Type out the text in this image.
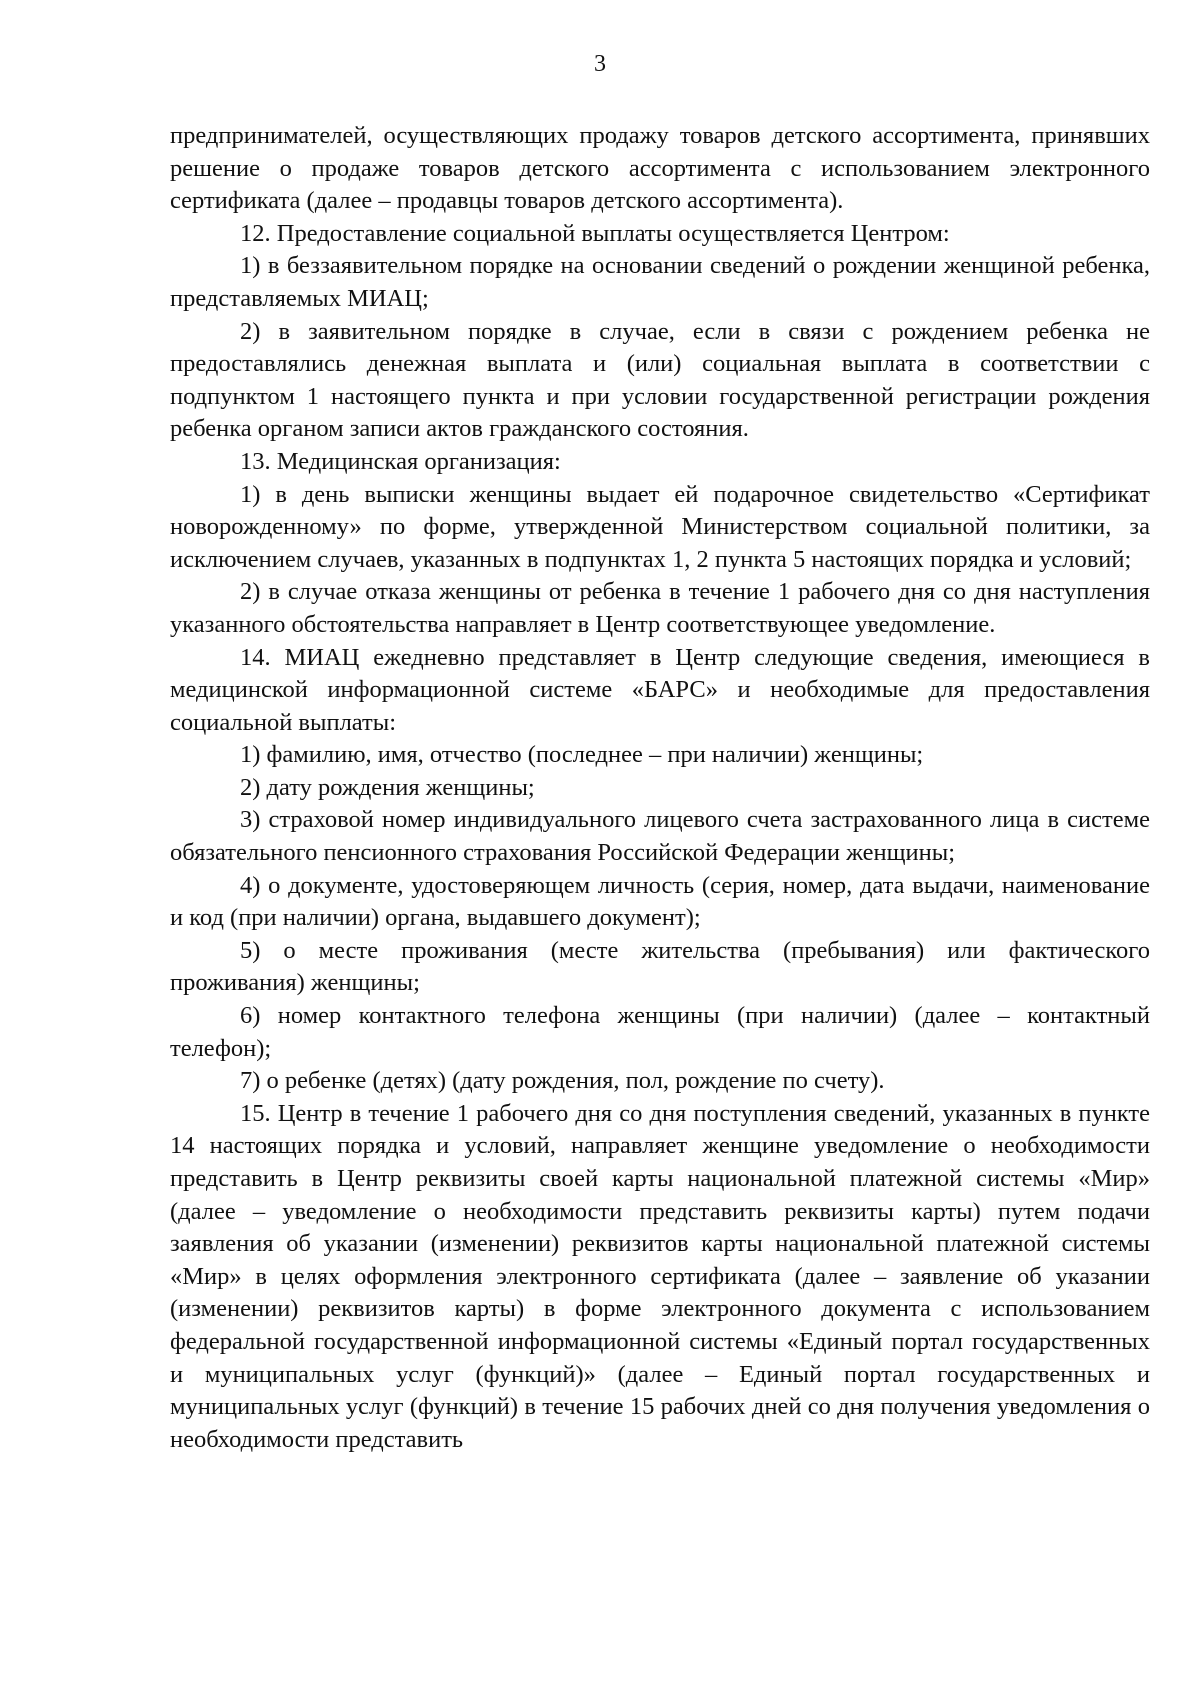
3

предпринимателей, осуществляющих продажу товаров детского ассортимента, принявших решение о продаже товаров детского ассортимента с использованием электронного сертификата (далее – продавцы товаров детского ассортимента).

12. Предоставление социальной выплаты осуществляется Центром:

1) в беззаявительном порядке на основании сведений о рождении женщиной ребенка, представляемых МИАЦ;

2) в заявительном порядке в случае, если в связи с рождением ребенка не предоставлялись денежная выплата и (или) социальная выплата в соответствии с подпунктом 1 настоящего пункта и при условии государственной регистрации рождения ребенка органом записи актов гражданского состояния.

13. Медицинская организация:

1) в день выписки женщины выдает ей подарочное свидетельство «Сертификат новорожденному» по форме, утвержденной Министерством социальной политики, за исключением случаев, указанных в подпунктах 1, 2 пункта 5 настоящих порядка и условий;

2) в случае отказа женщины от ребенка в течение 1 рабочего дня со дня наступления указанного обстоятельства направляет в Центр соответствующее уведомление.

14. МИАЦ ежедневно представляет в Центр следующие сведения, имеющиеся в медицинской информационной системе «БАРС» и необходимые для предоставления социальной выплаты:

1) фамилию, имя, отчество (последнее – при наличии) женщины;

2) дату рождения женщины;

3) страховой номер индивидуального лицевого счета застрахованного лица в системе обязательного пенсионного страхования Российской Федерации женщины;

4) о документе, удостоверяющем личность (серия, номер, дата выдачи, наименование и код (при наличии) органа, выдавшего документ);

5) о месте проживания (месте жительства (пребывания) или фактического проживания) женщины;

6) номер контактного телефона женщины (при наличии) (далее – контактный телефон);

7) о ребенке (детях) (дату рождения, пол, рождение по счету).

15. Центр в течение 1 рабочего дня со дня поступления сведений, указанных в пункте 14 настоящих порядка и условий, направляет женщине уведомление о необходимости представить в Центр реквизиты своей карты национальной платежной системы «Мир» (далее – уведомление о необходимости представить реквизиты карты) путем подачи заявления об указании (изменении) реквизитов карты национальной платежной системы «Мир» в целях оформления электронного сертификата (далее – заявление об указании (изменении) реквизитов карты) в форме электронного документа с использованием федеральной государственной информационной системы «Единый портал государственных и муниципальных услуг (функций)» (далее – Единый портал государственных и муниципальных услуг (функций) в течение 15 рабочих дней со дня получения уведомления о необходимости представить
